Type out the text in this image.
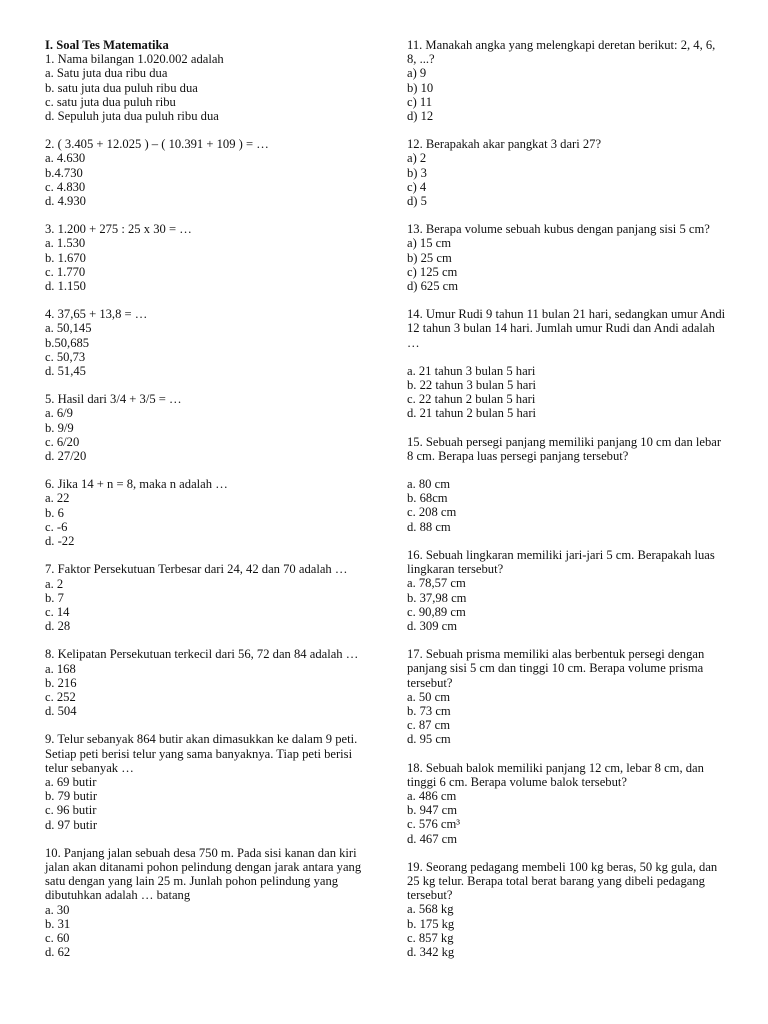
I. Soal Tes Matematika

1. Nama bilangan 1.020.002 adalah

a. Satu juta dua ribu dua

b. satu juta dua puluh ribu dua

c. satu juta dua puluh ribu

d. Sepuluh juta dua puluh ribu dua

2. ( 3.405 + 12.025 ) – ( 10.391 + 109 ) = …

a. 4.630

b.4.730

c. 4.830

d. 4.930

3. 1.200 + 275 : 25 x 30 = …

a. 1.530

b. 1.670

c. 1.770

d. 1.150

4. 37,65 + 13,8 = …

a. 50,145

b.50,685

c. 50,73

d. 51,45

5. Hasil dari 3/4 + 3/5 = …

a. 6/9

b. 9/9

c. 6/20

d. 27/20

6. Jika 14 + n = 8, maka n adalah …

a. 22

b. 6

c. -6

d. -22

7. Faktor Persekutuan Terbesar dari 24, 42 dan 70 adalah …

a. 2

b. 7

c. 14

d. 28

8. Kelipatan Persekutuan terkecil dari 56, 72 dan 84 adalah …

a. 168

b. 216

c. 252

d. 504

9. Telur sebanyak 864 butir akan dimasukkan ke dalam 9 peti. Setiap peti berisi telur yang sama banyaknya. Tiap peti berisi telur sebanyak …

a. 69 butir

b. 79 butir

c. 96 butir

d. 97 butir

10. Panjang jalan sebuah desa 750 m. Pada sisi kanan dan kiri jalan akan ditanami pohon pelindung dengan jarak antara yang satu dengan yang lain 25 m. Junlah pohon pelindung yang dibutuhkan adalah … batang

a. 30

b. 31

c. 60

d. 62

11. Manakah angka yang melengkapi deretan berikut: 2, 4, 6, 8, ...?

a) 9

b) 10

c) 11

d) 12

12. Berapakah akar pangkat 3 dari 27?

a) 2

b) 3

c) 4

d) 5

13. Berapa volume sebuah kubus dengan panjang sisi 5 cm?

a) 15 cm

b) 25 cm

c) 125 cm

d) 625 cm

14. Umur Rudi 9 tahun 11 bulan 21 hari, sedangkan umur Andi 12 tahun 3 bulan 14 hari. Jumlah umur Rudi dan Andi adalah …

a. 21 tahun 3 bulan 5 hari

b. 22 tahun 3 bulan 5 hari

c. 22 tahun 2 bulan 5 hari

d. 21 tahun 2 bulan 5 hari

15. Sebuah persegi panjang memiliki panjang 10 cm dan lebar 8 cm. Berapa luas persegi panjang tersebut?

a. 80 cm

b. 68cm

c. 208 cm

d. 88 cm

16. Sebuah lingkaran memiliki jari-jari 5 cm. Berapakah luas lingkaran tersebut?

a. 78,57 cm

b. 37,98 cm

c. 90,89 cm

d. 309 cm

17. Sebuah prisma memiliki alas berbentuk persegi dengan panjang sisi 5 cm dan tinggi 10 cm. Berapa volume prisma tersebut?

a. 50 cm

b. 73 cm

c. 87 cm

d. 95 cm

18. Sebuah balok memiliki panjang 12 cm, lebar 8 cm, dan tinggi 6 cm. Berapa volume balok tersebut?

a. 486 cm

b. 947 cm

c. 576 cm³

d. 467 cm

19. Seorang pedagang membeli 100 kg beras, 50 kg gula, dan 25 kg telur. Berapa total berat barang yang dibeli pedagang tersebut?

a. 568 kg

b. 175 kg

c. 857 kg

d. 342 kg
